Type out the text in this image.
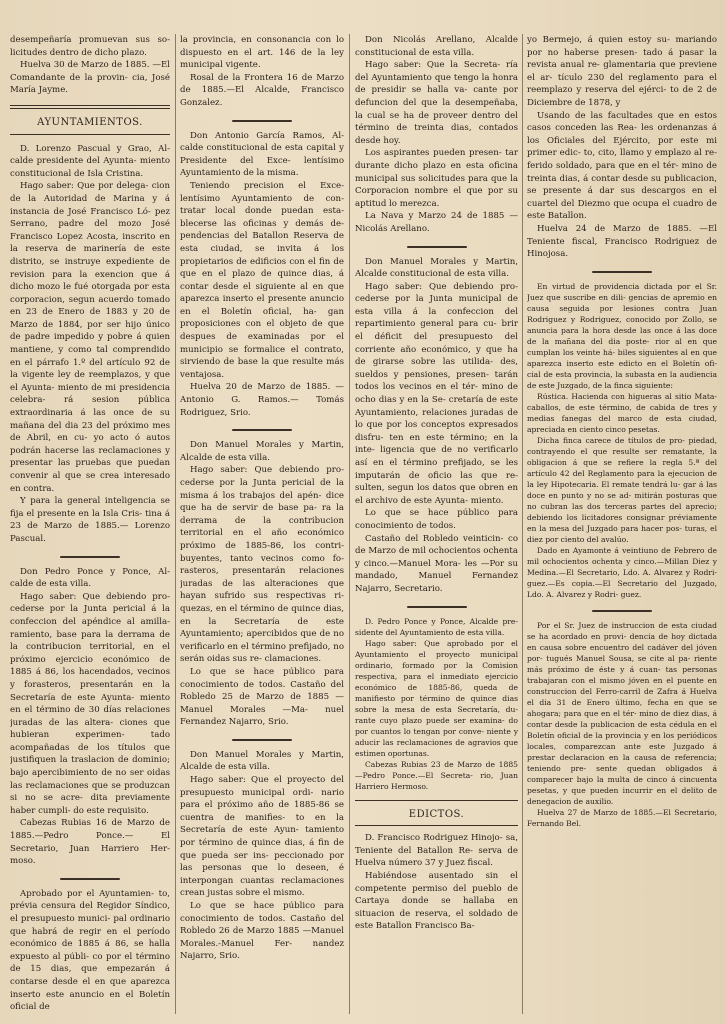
desempeñaría promuevan sus so- licitudes dentro de dicho plazo.

Huelva 30 de Marzo de 1885. —El Comandante de la provin- cia, José María Jayme.

AYUNTAMIENTOS.

D. Lorenzo Pascual y Grao, Al- calde presidente del Ayunta- miento constitucional de Isla Cristina.

Hago saber: Que por delega- cion de la Autoridad de Marina y á instancia de José Francisco Ló- pez Serrano, padre del mozo José Francisco Lopez Acosta, inscrito en la reserva de marinería de este distrito, se instruye expediente de revision para la exencion que á dicho mozo le fué otorgada por esta corporacion, segun acuerdo tomado en 23 de Enero de 1883 y 20 de Marzo de 1884, por ser hijo único de padre impedido y pobre á quien mantiene, y como tal comprendido en el párrafo 1.º del artículo 92 de la vigente ley de reemplazos, y que el Ayunta- miento de mi presidencia celebra- rá sesion pública extraordinaria á las once de su mañana del dia 23 del próximo mes de Abril, en cu- yo acto ó autos podrán hacerse las reclamaciones y presentar las pruebas que puedan convenir al que se crea interesado en contra.

Y para la general inteligencia se fija el presente en la Isla Cris- tina á 23 de Marzo de 1885.— Lorenzo Pascual.

Don Pedro Ponce y Ponce, Al- calde de esta villa.

Hago saber: Que debiendo pro- cederse por la Junta pericial á la confeccion del apéndice al amilla- ramiento, base para la derrama de la contribucion territorial, en el próximo ejercicio económico de 1885 á 86, los hacendados, vecinos y forasteros, presentarán en la Secretaría de este Ayunta- miento en el término de 30 días relaciones juradas de las altera- ciones que hubieran experimen- tado acompañadas de los títulos que justifiquen la traslacion de dominio; bajo apercibimiento de no ser oidas las reclamaciones que se produzcan si no se acre- dita previamente haber cumpli- do este requisito.

Cabezas Rubias 16 de Marzo de 1885.—Pedro Ponce.— El Secretario, Juan Harriero Her- moso.

Aprobado por el Ayuntamien- to, prévia censura del Regidor Síndico, el presupuesto munici- pal ordinario que habrá de regir en el período económico de 1885 á 86, se halla expuesto al públi- co por el término de 15 dias, que empezarán á contarse desde el en que aparezca inserto este anuncio en el Boletín oficial de

la provincia, en consonancia con lo dispuesto en el art. 146 de la ley municipal vigente.

Rosal de la Frontera 16 de Marzo de 1885.—El Alcalde, Francisco Gonzalez.

Don Antonio García Ramos, Al- calde constitucional de esta capital y Presidente del Exce- lentísimo Ayuntamiento de la misma.

Teniendo precision el Exce- lentísimo Ayuntamiento de con- tratar local donde puedan esta- blecerse las oficinas y demás de- pendencias del Batallon Reserva de esta ciudad, se invita á los propietarios de edificios con el fin de que en el plazo de quince dias, á contar desde el siguiente al en que aparezca inserto el presente anuncio en el Boletín oficial, ha- gan proposiciones con el objeto de que despues de examinadas por el municipio se formalice el contrato, sirviendo de base la que resulte más ventajosa.

Huelva 20 de Marzo de 1885. —Antonio G. Ramos.— Tomás Rodriguez, Srio.

Don Manuel Morales y Martin, Alcalde de esta villa.

Hago saber: Que debiendo pro- cederse por la Junta pericial de la misma á los trabajos del apén- dice que ha de servir de base pa- ra la derrama de la contribucion territorial en el año económico próximo de 1885-86, los contri- buyentes, tanto vecinos como fo- rasteros, presentarán relaciones juradas de las alteraciones que hayan sufrido sus respectivas ri- quezas, en el término de quince dias, en la Secretaría de este Ayuntamiento; apercibidos que de no verificarlo en el término prefijado, no serán oidas sus re- clamaciones.

Lo que se hace público para conocimiento de todos. Castaño del Robledo 25 de Marzo de 1885 —Manuel Morales —Ma- nuel Fernandez Najarro, Srio.

Don Manuel Morales y Martin, Alcalde de esta villa.

Hago saber: Que el proyecto del presupuesto municipal ordi- nario para el próximo año de 1885-86 se cuentra de manifies- to en la Secretaría de este Ayun- tamiento por término de quince dias, á fin de que pueda ser ins- peccionado por las personas que lo deseen, é interpongan cuantas reclamaciones crean justas sobre el mismo.

Lo que se hace público para conocimiento de todos. Castaño del Robledo 26 de Marzo 1885 —Manuel Morales.-Manuel Fer- nandez Najarro, Srio.

Don Nicolás Arellano, Alcalde constitucional de esta villa.

Hago saber: Que la Secreta- ría del Ayuntamiento que tengo la honra de presidir se halla va- cante por defuncion del que la desempeñaba, la cual se ha de proveer dentro del término de treinta dias, contados desde hoy.

Los aspirantes pueden presen- tar durante dicho plazo en esta oficina municipal sus solicitudes para que la Corporacion nombre el que por su aptitud lo merezca.

La Nava y Marzo 24 de 1885 —Nicolás Arellano.

Don Manuel Morales y Martin, Alcalde constitucional de esta villa.

Hago saber: Que debiendo pro- cederse por la Junta municipal de esta villa á la confeccion del repartimiento general para cu- brir el déficit del presupuesto del corriente año económico, y que ha de girarse sobre las utilida- des, sueldos y pensiones, presen- tarán todos los vecinos en el tér- mino de ocho dias y en la Se- cretaría de este Ayuntamiento, relaciones juradas de lo que por los conceptos expresados disfru- ten en este término; en la inte- ligencia que de no verificarlo así en el término prefijado, se les imputarán de oficio las que re- sulten, segun los datos que obren en el archivo de este Ayunta- miento.

Lo que se hace público para conocimiento de todos.

Castaño del Robledo veinticin- co de Marzo de mil ochocientos ochenta y cinco.—Manuel Mora- les —Por su mandado, Manuel Fernandez Najarro, Secretario.

D. Pedro Ponce y Ponce, Alcalde pre- sidente del Ayuntamiento de esta villa.

Hago saber: Que aprobado por el Ayuntamiento el proyecto municipal ordinario, formado por la Comision respectiva, para el inmediato ejercicio económico de 1885-86, queda de manifiesto por término de quince dias sobre la mesa de esta Secretaría, du- rante cuyo plazo puede ser examina- do por cuantos lo tengan por conve- niente y aducir las reclamaciones de agravios que estimen oportunas.

Cabezas Rubias 23 de Marzo de 1885 —Pedro Ponce.—El Secreta- rio, Juan Harriero Hermoso.

EDICTOS.

D. Francisco Rodriguez Hinojo- sa, Teniente del Batallon Re- serva de Huelva número 37 y Juez fiscal.

Habiéndose ausentado sin el competente permiso del pueblo de Cartaya donde se hallaba en situacion de reserva, el soldado de este Batallon Francisco Ba-

yo Bermejo, á quien estoy su- mariando por no haberse presen- tado á pasar la revista anual re- glamentaria que previene el ar- tículo 230 del reglamento para el reemplazo y reserva del ejérci- to de 2 de Diciembre de 1878, y

Usando de las facultades que en estos casos conceden las Rea- les ordenanzas á los Oficiales del Ejército, por este mi primer edic- to, cito, llamo y emplazo al re- ferido soldado, para que en el tér- mino de treinta dias, á contar desde su publicacion, se presente á dar sus descargos en el cuartel del Diezmo que ocupa el cuadro de este Batallon.

Huelva 24 de Marzo de 1885. —El Teniente fiscal, Francisco Rodriguez de Hinojosa.

En virtud de providencia dictada por el Sr. Juez que suscribe en dili- gencias de apremio en causa seguida por lesiones contra Juan Rodriguez y Rodriguez, conocido por Zollo, se anuncia para la hora desde las once á las doce de la mañana del dia poste- rior al en que cumplan los veinte há- biles siguientes al en que aparezca inserto este edicto en el Boletín ofi- cial de esta provincia, la subasta en la audiencia de este Juzgado, de la finca siguiente:

Rústica. Hacienda con higueras al sitio Mata-caballos, de este término, de cabida de tres y medias fanegas del marco de esta ciudad, apreciada en ciento cinco pesetas.

Dicha finca carece de títulos de pro- piedad, contrayendo el que resulte ser rematante, la obligacion á que se refiere la regla 5.ª del artículo 42 del Reglamento para la ejecucion de la ley Hipotecaria. El remate tendrá lu- gar á las doce en punto y no se ad- mitirán posturas que no cubran las dos terceras partes del aprecio; debiendo los licitadores consignar préviamente en la mesa del Juzgado para hacer pos- turas, el diez por ciento del avalúo.

Dado en Ayamonte á veintiuno de Febrero de mil ochocientos ochenta y cinco.—Millan Diez y Medina.—El Secretario, Ldo. A. Alvarez y Rodri- guez.—Es copia.—El Secretario del Juzgado, Ldo. A. Alvarez y Rodri- guez.

Por el Sr. Juez de instruccion de esta ciudad se ha acordado en provi- dencia de hoy dictada en causa sobre encuentro del cadáver del jóven por- tugués Manuel Sousa, se cite al pa- riente más próximo de éste y á cuan- tas personas trabajaran con el mismo jóven en el puente en construccion del Ferro-carril de Zafra á Huelva el dia 31 de Enero último, fecha en que se ahogara; para que en el tér- mino de diez dias, á contar desde la publicacion de esta cédula en el Boletín oficial de la provincia y en los periódicos locales, comparezcan ante este Juzgado á prestar declaracion en la causa de referencia; teniendo pre- sente quedan obligados á comparecer bajo la multa de cinco á cincuenta pesetas, y que pueden incurrir en el delito de denegacion de auxilio.

Huelva 27 de Marzo de 1885.—El Secretario, Fernando Bel.
